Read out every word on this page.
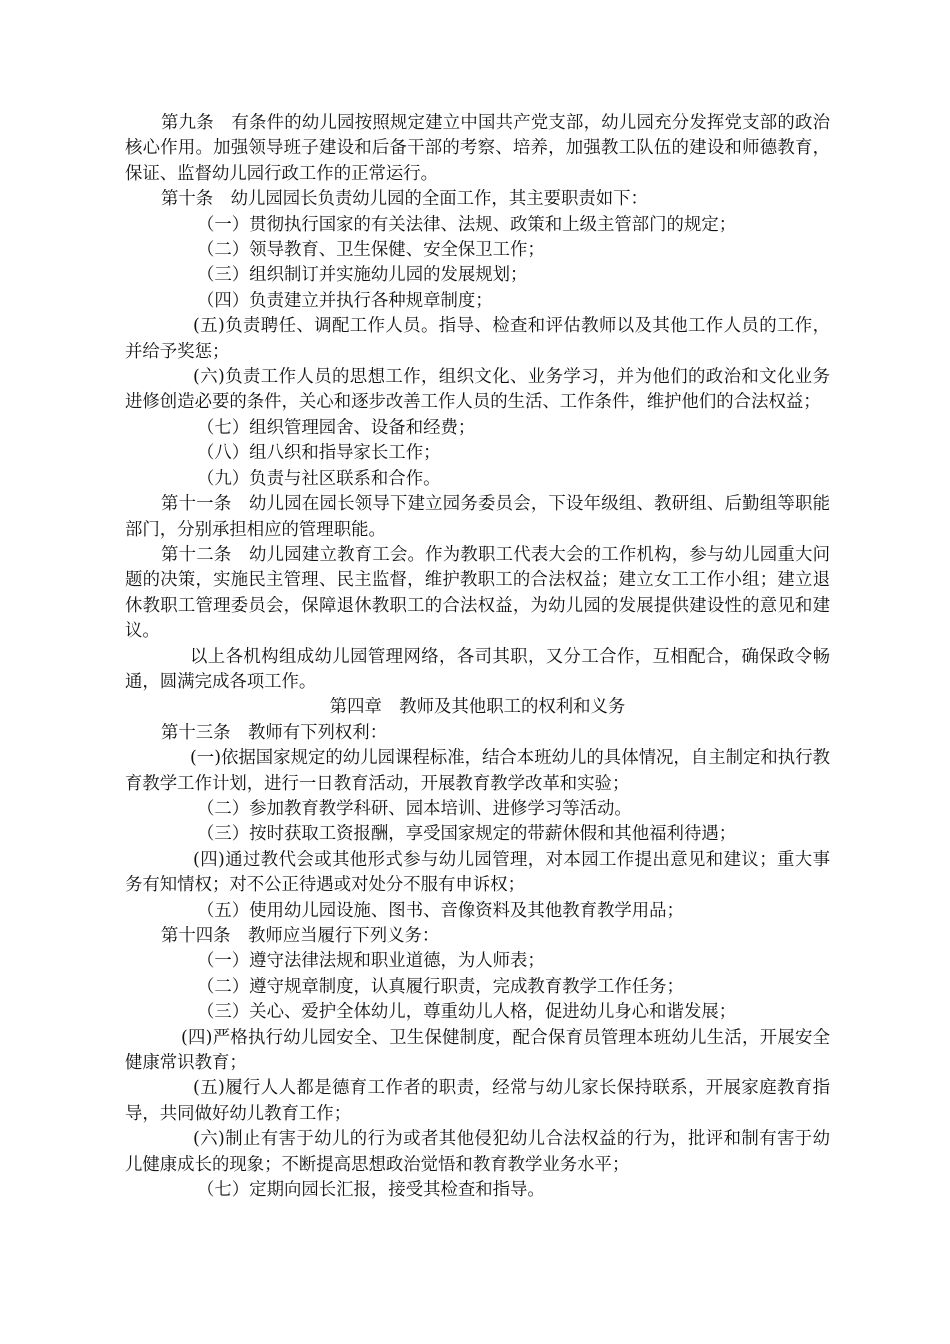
第九条　有条件的幼儿园按照规定建立中国共产党支部，幼儿园充分发挥党支部的政治核心作用。加强领导班子建设和后备干部的考察、培养，加强教工队伍的建设和师德教育，保证、监督幼儿园行政工作的正常运行。

第十条　幼儿园园长负责幼儿园的全面工作，其主要职责如下：

（一）贯彻执行国家的有关法律、法规、政策和上级主管部门的规定；

（二）领导教育、卫生保健、安全保卫工作；

（三）组织制订并实施幼儿园的发展规划；

（四）负责建立并执行各种规章制度；

(五)负责聘任、调配工作人员。指导、检查和评估教师以及其他工作人员的工作，并给予奖惩；

(六)负责工作人员的思想工作，组织文化、业务学习，并为他们的政治和文化业务进修创造必要的条件，关心和逐步改善工作人员的生活、工作条件，维护他们的合法权益；

（七）组织管理园舍、设备和经费；

（八）组八织和指导家长工作；

（九）负责与社区联系和合作。

第十一条　幼儿园在园长领导下建立园务委员会，下设年级组、教研组、后勤组等职能部门，分别承担相应的管理职能。

第十二条　幼儿园建立教育工会。作为教职工代表大会的工作机构，参与幼儿园重大问题的决策，实施民主管理、民主监督，维护教职工的合法权益；建立女工工作小组；建立退休教职工管理委员会，保障退休教职工的合法权益，为幼儿园的发展提供建设性的意见和建议。

以上各机构组成幼儿园管理网络，各司其职，又分工合作，互相配合，确保政令畅通，圆满完成各项工作。

第四章　教师及其他职工的权利和义务

第十三条　教师有下列权利：

(一)依据国家规定的幼儿园课程标准，结合本班幼儿的具体情况，自主制定和执行教育教学工作计划，进行一日教育活动，开展教育教学改革和实验；

（二）参加教育教学科研、园本培训、进修学习等活动。

（三）按时获取工资报酬，享受国家规定的带薪休假和其他福利待遇；

(四)通过教代会或其他形式参与幼儿园管理，对本园工作提出意见和建议；重大事务有知情权；对不公正待遇或对处分不服有申诉权；

（五）使用幼儿园设施、图书、音像资料及其他教育教学用品；

第十四条　教师应当履行下列义务：

（一）遵守法律法规和职业道德，为人师表；

（二）遵守规章制度，认真履行职责，完成教育教学工作任务；

（三）关心、爱护全体幼儿，尊重幼儿人格，促进幼儿身心和谐发展；

(四)严格执行幼儿园安全、卫生保健制度，配合保育员管理本班幼儿生活，开展安全健康常识教育；

(五)履行人人都是德育工作者的职责，经常与幼儿家长保持联系，开展家庭教育指导，共同做好幼儿教育工作；

(六)制止有害于幼儿的行为或者其他侵犯幼儿合法权益的行为，批评和制有害于幼儿健康成长的现象；不断提高思想政治觉悟和教育教学业务水平；

（七）定期向园长汇报，接受其检查和指导。
